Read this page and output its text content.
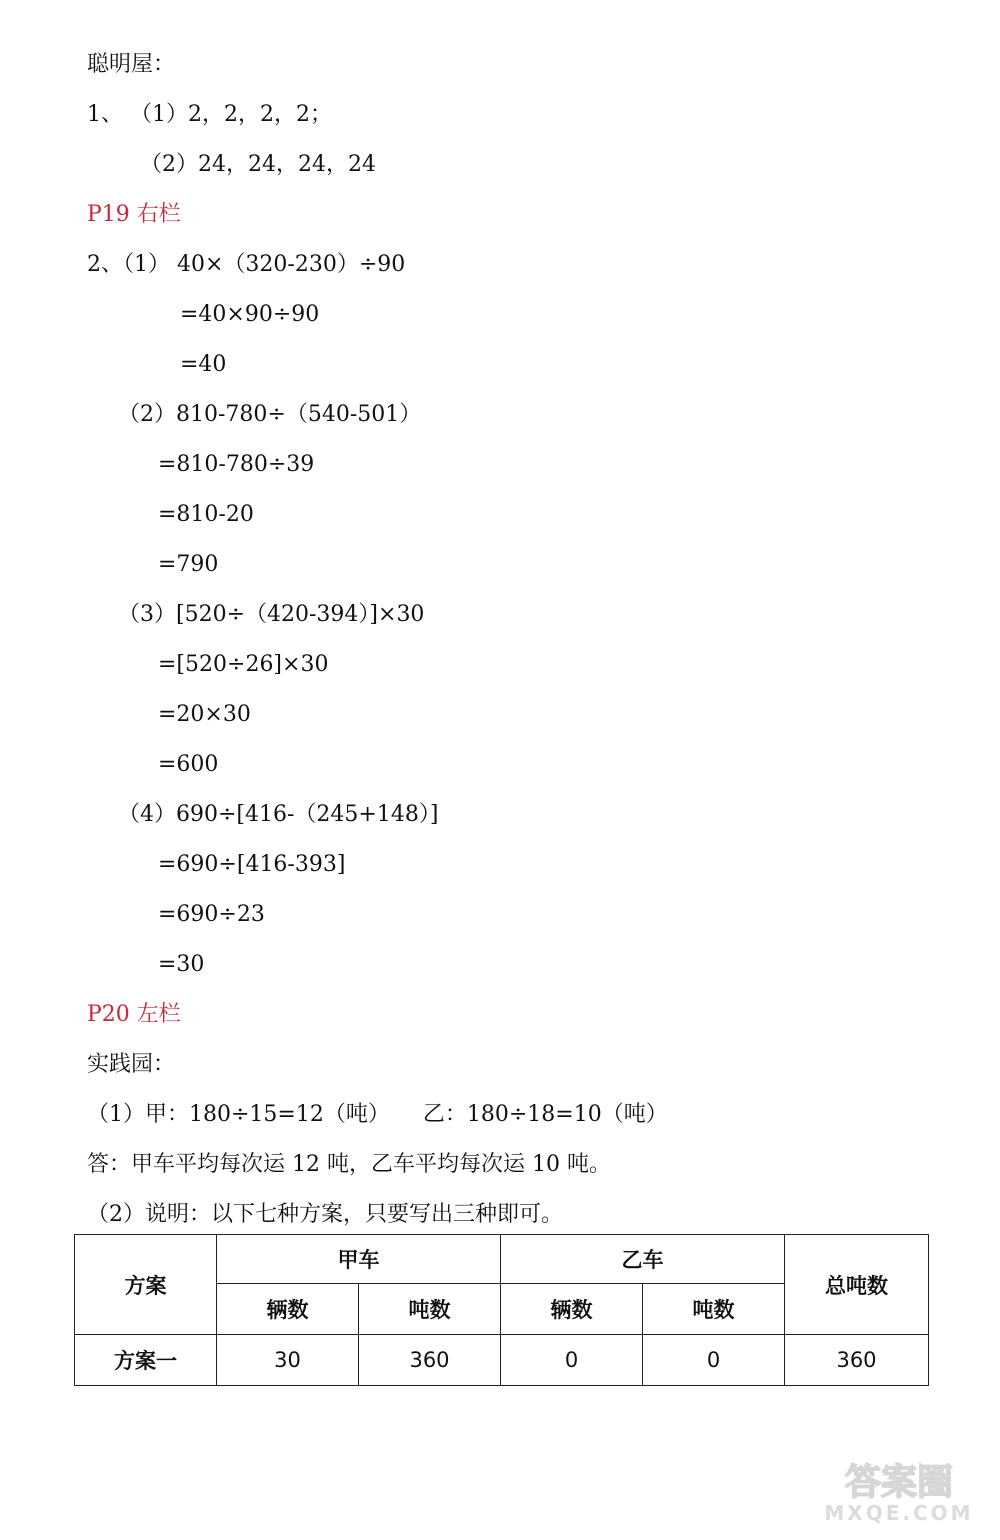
聪明屋：
1、 （1）2，2，2，2；
（2）24，24，24，24
P19 右栏
2、（1） 40×（320-230）÷90
=40×90÷90
=40
（2）810-780÷（540-501）
=810-780÷39
=810-20
=790
（3）[520÷（420-394）]×30
=[520÷26]×30
=20×30
=600
（4）690÷[416-（245+148）]
=690÷[416-393]
=690÷23
=30
P20 左栏
实践园：
（1）甲：180÷15=12（吨）　　乙：180÷18=10（吨）
答：甲车平均每次运 12 吨，乙车平均每次运 10 吨。
（2）说明：以下七种方案，只要写出三种即可。
方案	甲车		乙车		总吨数
	辆数	吨数	辆数	吨数	
方案一	30	360	0	0	360
答案圈
MXQE.COM
